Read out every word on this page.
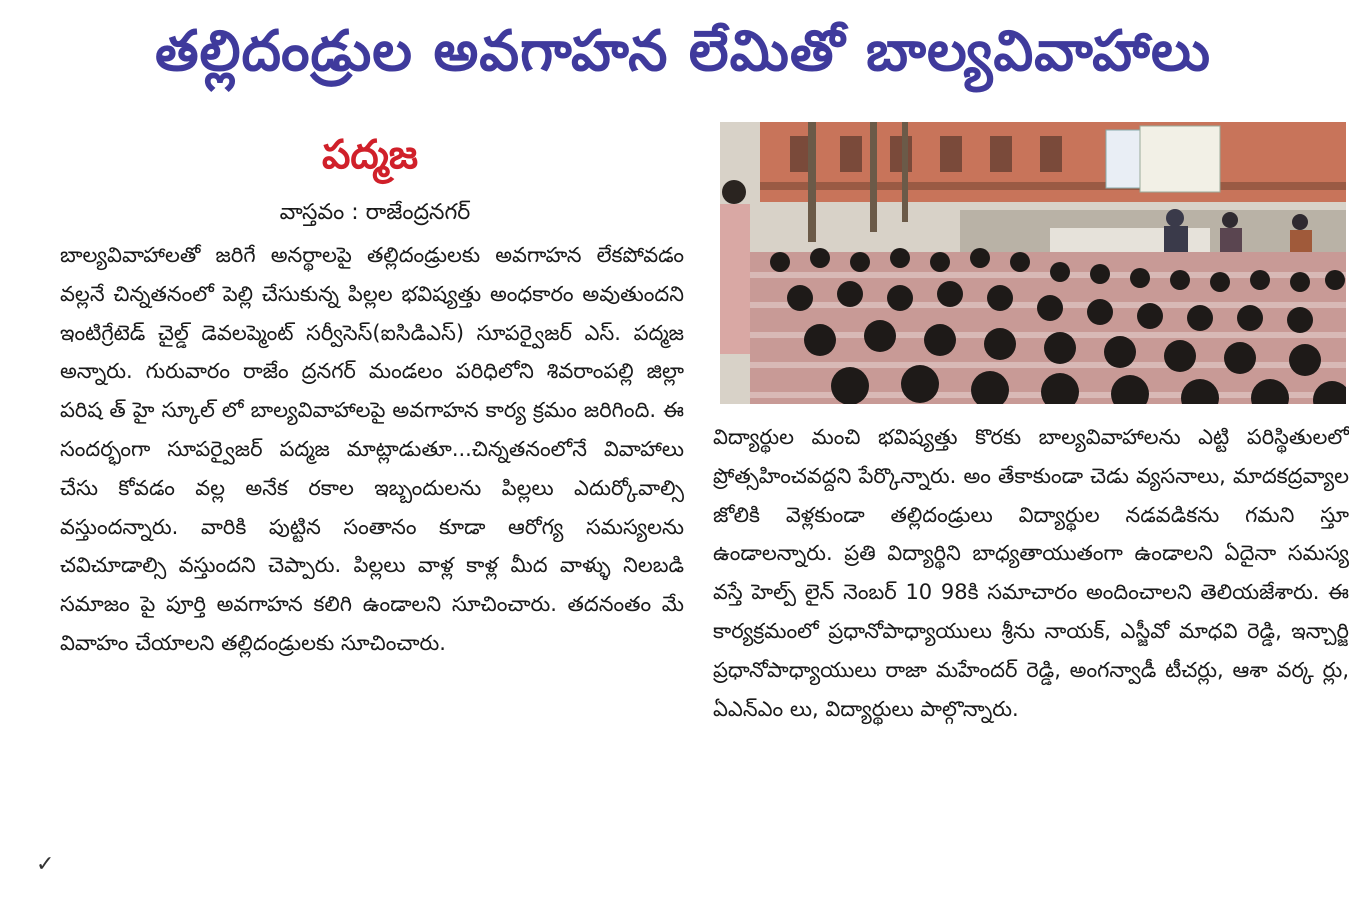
తల్లిదండ్రుల అవగాహన లేమితో బాల్యవివాహాలు
పద్మజ
వాస్తవం : రాజేంద్రనగర్

బాల్యవివాహాలతో జరిగే అనర్థాలపై తల్లిదండ్రులకు అవగాహన లేకపోవడం వల్లనే చిన్నతనంలో పెల్లి చేసుకున్న పిల్లల భవిష్యత్తు అంధకారం అవుతుందని ఇంటిగ్రేటెడ్ చైల్డ్ డెవలప్మెంట్ సర్వీసెస్(ఐసిడిఎస్) సూపర్వైజర్ ఎస్. పద్మజ అన్నారు. గురువారం రాజేం ద్రనగర్ మండలం పరిధిలోని శివరాంపల్లి జిల్లా పరిష త్ హై స్కూల్ లో బాల్యవివాహాలపై అవగాహన కార్య క్రమం జరిగింది. ఈ సందర్భంగా సూపర్వైజర్ పద్మజ మాట్లాడుతూ...చిన్నతనంలోనే వివాహాలు చేసు కోవడం వల్ల అనేక రకాల ఇబ్బందులను పిల్లలు ఎదుర్కోవాల్సి వస్తుందన్నారు. వారికి పుట్టిన సంతానం కూడా ఆరోగ్య సమస్యలను చవిచూడాల్సి వస్తుందని చెప్పారు. పిల్లలు వాళ్ల కాళ్ల మీద వాళ్ళు నిలబడి సమాజం పై పూర్తి అవగాహన కలిగి ఉండాలని సూచించారు. తదనంతం మే వివాహం చేయాలని తల్లిదండ్రులకు సూచించారు.

విద్యార్థుల మంచి భవిష్యత్తు కొరకు బాల్యవివాహాలను ఎట్టి పరిస్థితులలో ప్రోత్సహించవద్దని పేర్కొన్నారు. అం తేకాకుండా చెడు వ్యసనాలు, మాదకద్రవ్యాల జోలికి వెళ్లకుండా తల్లిదండ్రులు విద్యార్థుల నడవడికను గమని స్తూ ఉండాలన్నారు. ప్రతి విద్యార్థిని బాధ్యతాయుతంగా ఉండాలని ఏదైనా సమస్య వస్తే హెల్ప్ లైన్ నెంబర్ 10 98కి సమాచారం అందించాలని తెలియజేశారు. ఈ కార్యక్రమంలో ప్రధానోపాధ్యాయులు శ్రీను నాయక్, ఎస్జీవో మాధవి రెడ్డి, ఇన్చార్జి ప్రధానోపాధ్యాయులు రాజా మహేందర్ రెడ్డి, అంగన్వాడీ టీచర్లు, ఆశా వర్క ర్లు, ఏఎన్ఎం లు, విద్యార్థులు పాల్గొన్నారు.

✓
